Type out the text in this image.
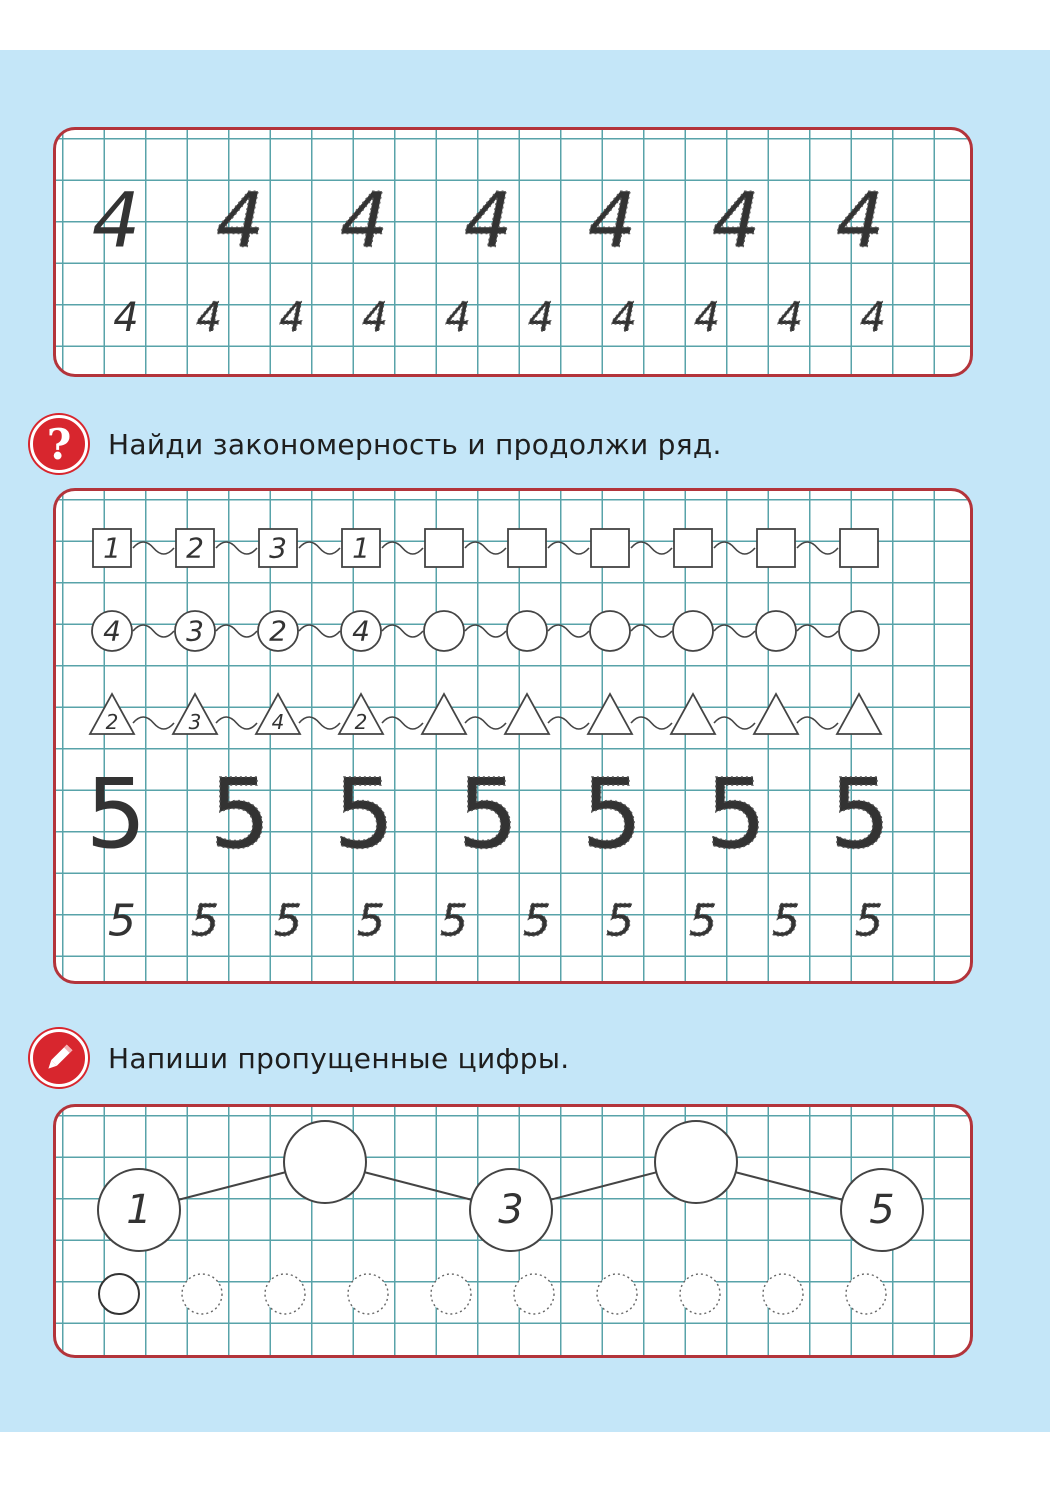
4 4 4 4 4 4 4
4 4 4 4 4 4 4 4 4 4
?	Найди закономерность и продолжи ряд.
1 2 3 1
4 3 2 4
2	3	4	2
5 5 5 5 5 5 5
5 5 5 5 5 5 5 5 5 5
Напиши пропущенные цифры.
1	3	5
